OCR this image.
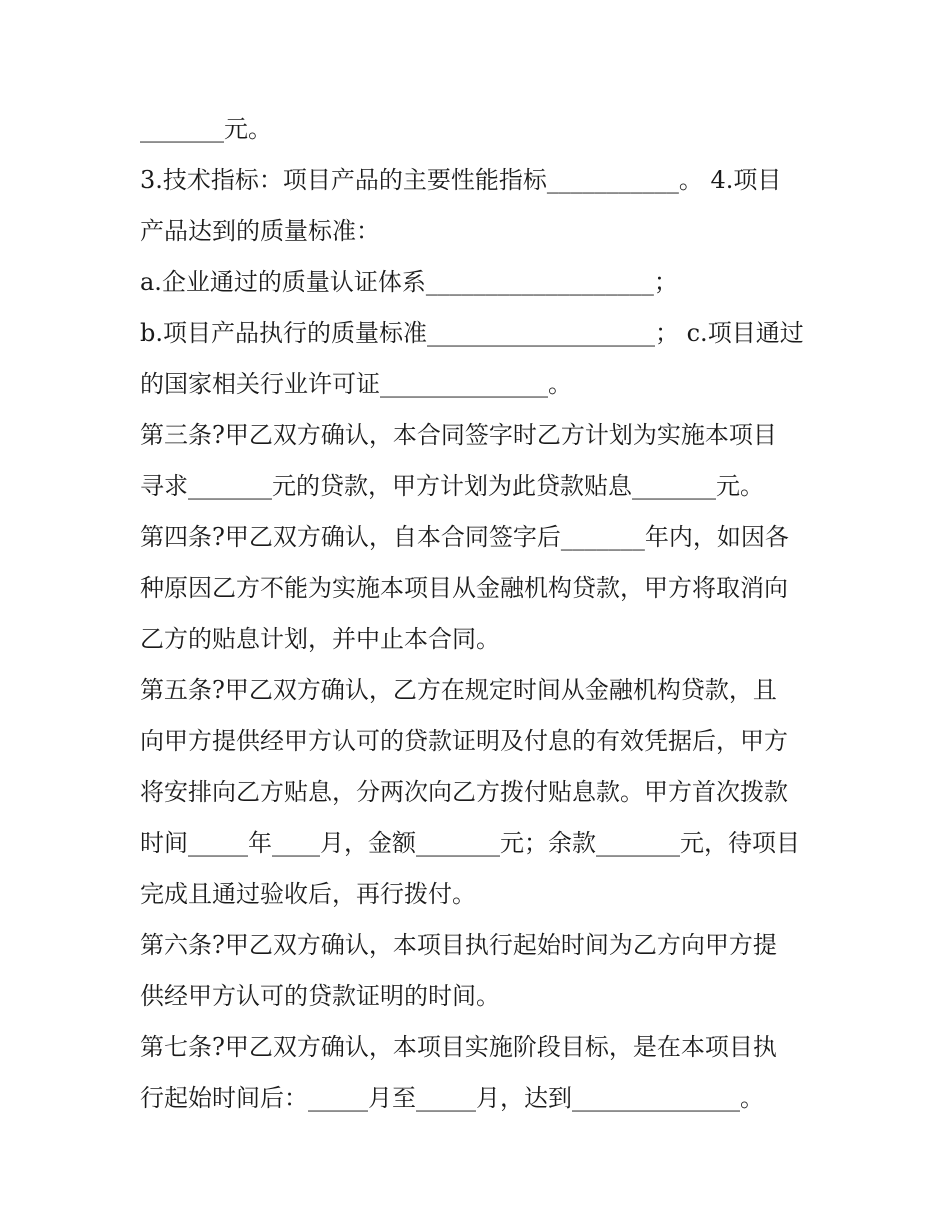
_______元。
3.技术指标：项目产品的主要性能指标___________。 4.项目
产品达到的质量标准：
a.企业通过的质量认证体系___________________；
b.项目产品执行的质量标准___________________； c.项目通过
的国家相关行业许可证______________。
第三条?甲乙双方确认，本合同签字时乙方计划为实施本项目
寻求_______元的贷款，甲方计划为此贷款贴息_______元。
第四条?甲乙双方确认，自本合同签字后_______年内，如因各
种原因乙方不能为实施本项目从金融机构贷款，甲方将取消向
乙方的贴息计划，并中止本合同。
第五条?甲乙双方确认，乙方在规定时间从金融机构贷款，且
向甲方提供经甲方认可的贷款证明及付息的有效凭据后，甲方
将安排向乙方贴息，分两次向乙方拨付贴息款。甲方首次拨款
时间_____年____月，金额_______元；余款_______元，待项目
完成且通过验收后，再行拨付。
第六条?甲乙双方确认，本项目执行起始时间为乙方向甲方提
供经甲方认可的贷款证明的时间。
第七条?甲乙双方确认，本项目实施阶段目标，是在本项目执
行起始时间后：_____月至_____月，达到______________。
